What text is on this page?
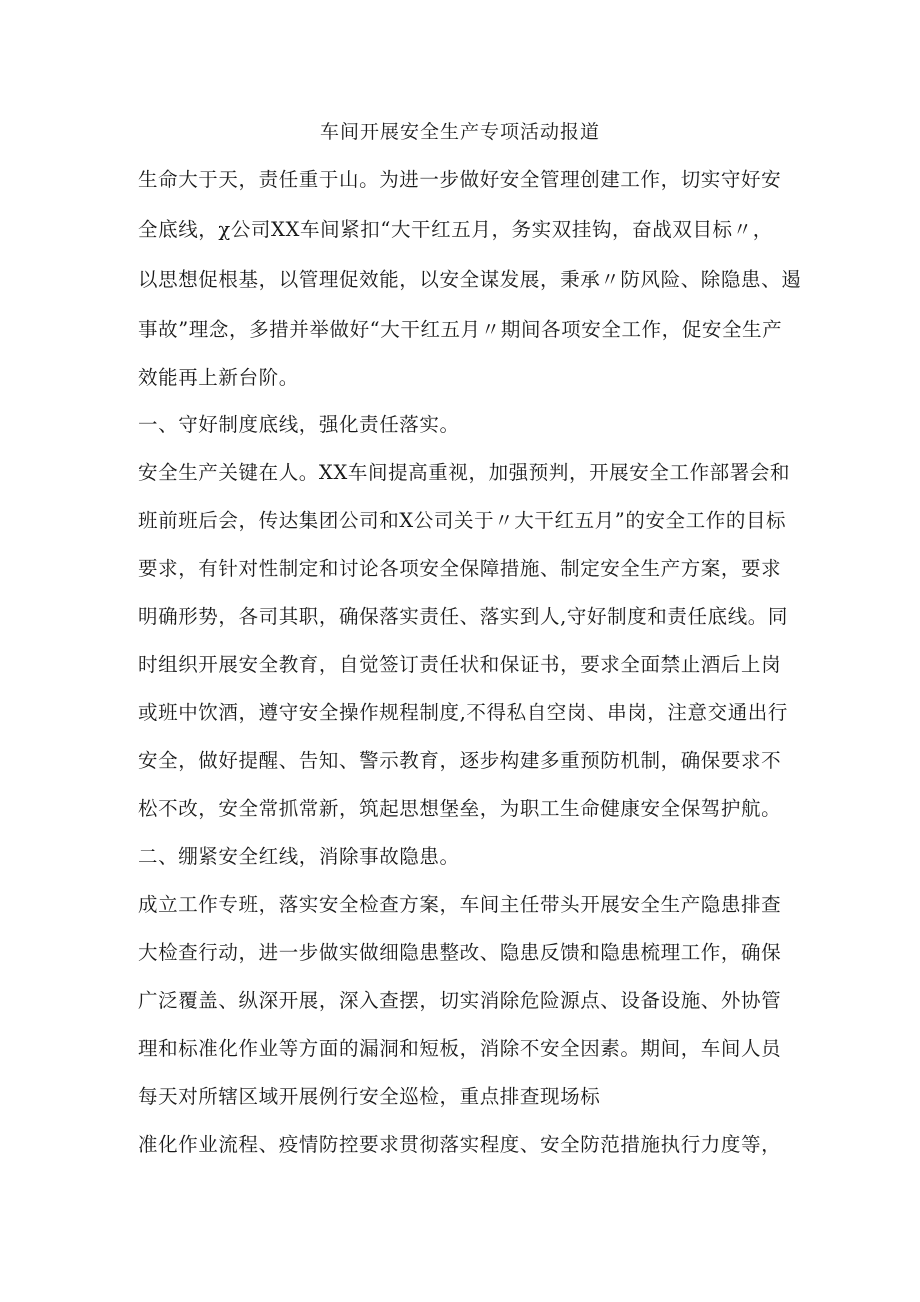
车间开展安全生产专项活动报道
生命大于天，责任重于山。为进一步做好安全管理创建工作，切实守好安
全底线，χ公司XX车间紧扣“大干红五月，务实双挂钩，奋战双目标〃，
以思想促根基，以管理促效能，以安全谋发展，秉承〃防风险、除隐患、遏
事故”理念，多措并举做好“大干红五月〃期间各项安全工作，促安全生产
效能再上新台阶。
一、守好制度底线，强化责任落实。
安全生产关键在人。XX车间提高重视，加强预判，开展安全工作部署会和
班前班后会，传达集团公司和X公司关于〃大干红五月”的安全工作的目标
要求，有针对性制定和讨论各项安全保障措施、制定安全生产方案，要求
明确形势，各司其职，确保落实责任、落实到人,守好制度和责任底线。同
时组织开展安全教育，自觉签订责任状和保证书，要求全面禁止酒后上岗
或班中饮酒，遵守安全操作规程制度,不得私自空岗、串岗，注意交通出行
安全，做好提醒、告知、警示教育，逐步构建多重预防机制，确保要求不
松不改，安全常抓常新，筑起思想堡垒，为职工生命健康安全保驾护航。
二、绷紧安全红线，消除事故隐患。
成立工作专班，落实安全检查方案，车间主任带头开展安全生产隐患排查
大检查行动，进一步做实做细隐患整改、隐患反馈和隐患梳理工作，确保
广泛覆盖、纵深开展，深入查摆，切实消除危险源点、设备设施、外协管
理和标准化作业等方面的漏洞和短板，消除不安全因素。期间，车间人员
每天对所辖区域开展例行安全巡检，重点排查现场标
准化作业流程、疫情防控要求贯彻落实程度、安全防范措施执行力度等，
